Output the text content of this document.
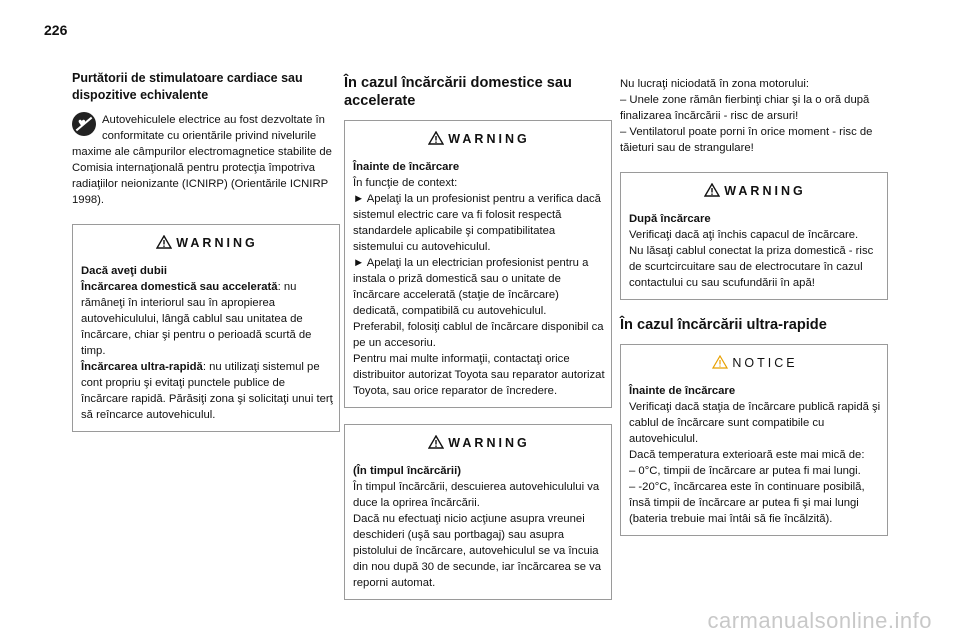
226
Purtătorii de stimulatoare cardiace sau dispozitive echivalente
♥
Autovehiculele electrice au fost dezvoltate în conformitate cu orientările privind nivelurile maxime ale câmpurilor electromagnetice stabilite de Comisia internaţională pentru protecţia împotriva radiaţiilor neionizante (ICNIRP) (Orientările ICNIRP 1998).
WARNING

Dacă aveţi dubii

Încărcarea domestică sau accelerată: nu rămâneţi în interiorul sau în apropierea autovehiculului, lângă cablul sau unitatea de încărcare, chiar şi pentru o perioadă scurtă de timp.

Încărcarea ultra-rapidă: nu utilizaţi sistemul pe cont propriu şi evitaţi punctele publice de încărcare rapidă. Părăsiţi zona şi solicitaţi unui terţ să reîncarce autovehiculul.

În cazul încărcării domestice sau accelerate
WARNING

Înainte de încărcare

În funcţie de context:

► Apelaţi la un profesionist pentru a verifica dacă sistemul electric care va fi folosit respectă standardele aplicabile şi compatibilitatea sistemului cu autovehiculul.

► Apelaţi la un electrician profesionist pentru a instala o priză domestică sau o unitate de încărcare accelerată (staţie de încărcare) dedicată, compatibilă cu autovehiculul.

Preferabil, folosiţi cablul de încărcare disponibil ca pe un accesoriu.

Pentru mai multe informaţii, contactaţi orice distribuitor autorizat Toyota sau reparator autorizat Toyota, sau orice reparator de încredere.

WARNING

(În timpul încărcării)

În timpul încărcării, descuierea autovehiculului va duce la oprirea încărcării.

Dacă nu efectuaţi nicio acţiune asupra vreunei deschideri (uşă sau portbagaj) sau asupra pistolului de încărcare, autovehiculul se va încuia din nou după 30 de secunde, iar încărcarea se va reporni automat.

Nu lucraţi niciodată în zona motorului:

– Unele zone rămân fierbinţi chiar şi la o oră după finalizarea încărcării - risc de arsuri!

– Ventilatorul poate porni în orice moment - risc de tăieturi sau de strangulare!

WARNING

După încărcare

Verificaţi dacă aţi închis capacul de încărcare.

Nu lăsaţi cablul conectat la priza domestică - risc de scurtcircuitare sau de electrocutare în cazul contactului cu sau scufundării în apă!

În cazul încărcării ultra-rapide
NOTICE

Înainte de încărcare

Verificaţi dacă staţia de încărcare publică rapidă şi cablul de încărcare sunt compatibile cu autovehiculul.

Dacă temperatura exterioară este mai mică de:

– 0°C, timpii de încărcare ar putea fi mai lungi.

– -20°C, încărcarea este în continuare posibilă, însă timpii de încărcare ar putea fi şi mai lungi (bateria trebuie mai întâi să fie încălzită).

carmanualsonline.info
